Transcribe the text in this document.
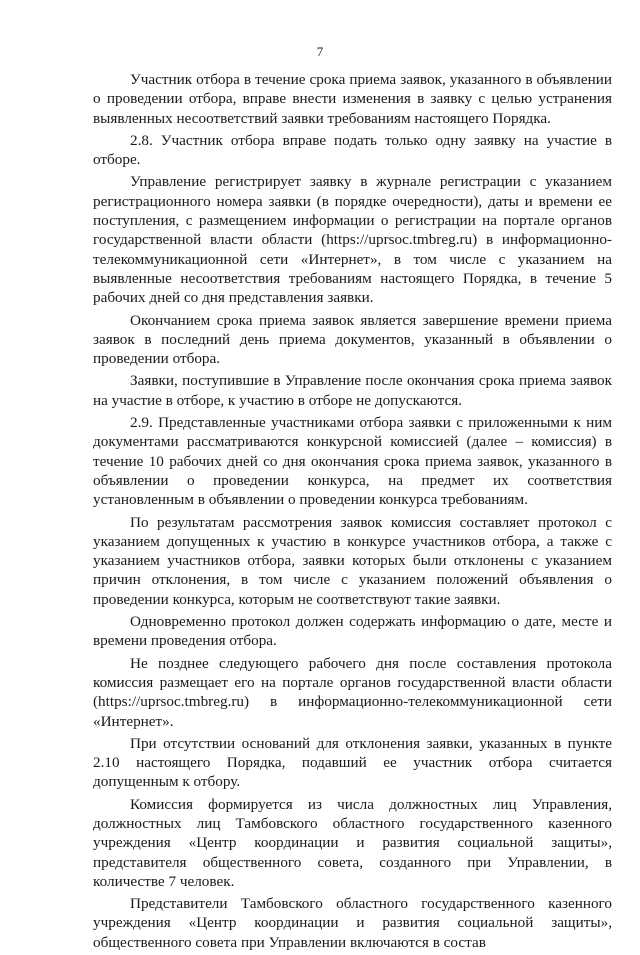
7

Участник отбора в течение срока приема заявок, указанного в объявлении о проведении отбора, вправе внести изменения в заявку с целью устранения выявленных несоответствий заявки требованиям настоящего Порядка.

2.8. Участник отбора вправе подать только одну заявку на участие в отборе.

Управление регистрирует заявку в журнале регистрации с указанием регистрационного номера заявки (в порядке очередности), даты и времени ее поступления, с размещением информации о регистрации на портале органов государственной власти области (https://uprsoc.tmbreg.ru) в информационно-телекоммуникационной сети «Интернет», в том числе с указанием на выявленные несоответствия требованиям настоящего Порядка, в течение 5 рабочих дней со дня представления заявки.

Окончанием срока приема заявок является завершение времени приема заявок в последний день приема документов, указанный в объявлении о проведении отбора.

Заявки, поступившие в Управление после окончания срока приема заявок на участие в отборе, к участию в отборе не допускаются.

2.9. Представленные участниками отбора заявки с приложенными к ним документами рассматриваются конкурсной комиссией (далее – комиссия) в течение 10 рабочих дней со дня окончания срока приема заявок, указанного в объявлении о проведении конкурса, на предмет их соответствия установленным в объявлении о проведении конкурса требованиям.

По результатам рассмотрения заявок комиссия составляет протокол с указанием допущенных к участию в конкурсе участников отбора, а также с указанием участников отбора, заявки которых были отклонены с указанием причин отклонения, в том числе с указанием положений объявления о проведении конкурса, которым не соответствуют такие заявки.

Одновременно протокол должен содержать информацию о дате, месте и времени проведения отбора.

Не позднее следующего рабочего дня после составления протокола комиссия размещает его на портале органов государственной власти области (https://uprsoc.tmbreg.ru) в информационно-телекоммуникационной сети «Интернет».

При отсутствии оснований для отклонения заявки, указанных в пункте 2.10 настоящего Порядка, подавший ее участник отбора считается допущенным к отбору.

Комиссия формируется из числа должностных лиц Управления, должностных лиц Тамбовского областного государственного казенного учреждения «Центр координации и развития социальной защиты», представителя общественного совета, созданного при Управлении, в количестве 7 человек.

Представители Тамбовского областного государственного казенного учреждения «Центр координации и развития социальной защиты», общественного совета при Управлении включаются в состав
